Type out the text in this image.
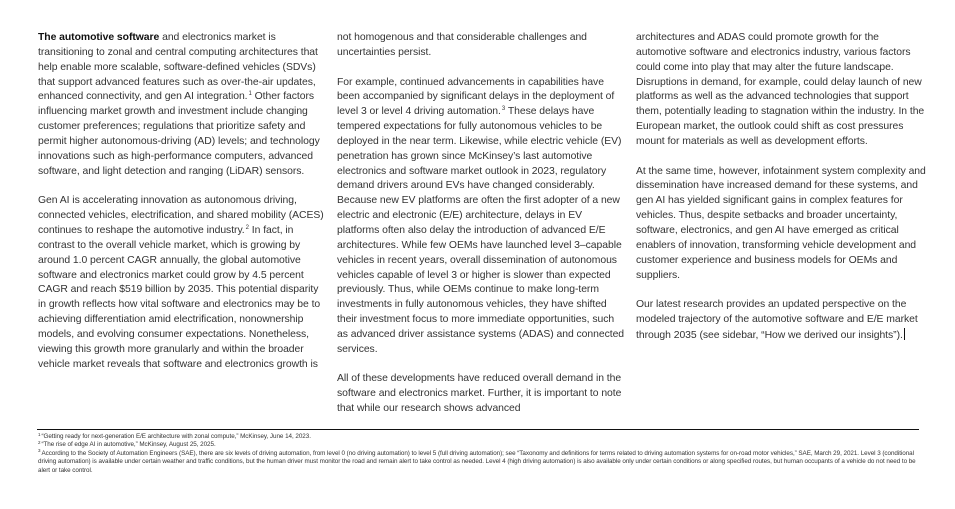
The automotive software and electronics market is transitioning to zonal and central computing architectures that help enable more scalable, software-defined vehicles (SDVs) that support advanced features such as over-the-air updates, enhanced connectivity, and gen AI integration.$^1$ Other factors influencing market growth and investment include changing customer preferences; regulations that prioritize safety and permit higher autonomous-driving (AD) levels; and technology innovations such as high-performance computers, advanced software, and light detection and ranging (LiDAR) sensors.

Gen AI is accelerating innovation as autonomous driving, connected vehicles, electrification, and shared mobility (ACES) continues to reshape the automotive industry.$^2$ In fact, in contrast to the overall vehicle market, which is growing by around 1.0 percent CAGR annually, the global automotive software and electronics market could grow by 4.5 percent CAGR and reach $519 billion by 2035. This potential disparity in growth reflects how vital software and electronics may be to achieving differentiation amid electrification, nonownership models, and evolving consumer expectations. Nonetheless, viewing this growth more granularly and within the broader vehicle market reveals that software and electronics growth is

not homogenous and that considerable challenges and uncertainties persist.

For example, continued advancements in capabilities have been accompanied by significant delays in the deployment of level 3 or level 4 driving automation.$^3$ These delays have tempered expectations for fully autonomous vehicles to be deployed in the near term. Likewise, while electric vehicle (EV) penetration has grown since McKinsey’s last automotive electronics and software market outlook in 2023, regulatory demand drivers around EVs have changed considerably. Because new EV platforms are often the first adopter of a new electric and electronic (E/E) architecture, delays in EV platforms often also delay the introduction of advanced E/E architectures. While few OEMs have launched level 3–capable vehicles in recent years, overall dissemination of autonomous vehicles capable of level 3 or higher is slower than expected previously. Thus, while OEMs continue to make long-term investments in fully autonomous vehicles, they have shifted their investment focus to more immediate opportunities, such as advanced driver assistance systems (ADAS) and connected services.

All of these developments have reduced overall demand in the software and electronics market. Further, it is important to note that while our research shows advanced

architectures and ADAS could promote growth for the automotive software and electronics industry, various factors could come into play that may alter the future landscape. Disruptions in demand, for example, could delay launch of new platforms as well as the advanced technologies that support them, potentially leading to stagnation within the industry. In the European market, the outlook could shift as cost pressures mount for materials as well as development efforts.

At the same time, however, infotainment system complexity and dissemination have increased demand for these systems, and gen AI has yielded significant gains in complex features for vehicles. Thus, despite setbacks and broader uncertainty, software, electronics, and gen AI have emerged as critical enablers of innovation, transforming vehicle development and customer experience and business models for OEMs and suppliers.

Our latest research provides an updated perspective on the modeled trajectory of the automotive software and E/E market through 2035 (see sidebar, “How we derived our insights”).

$^1$“Getting ready for next-generation E/E architecture with zonal compute,” McKinsey, June 14, 2023.

$^2$“The rise of edge AI in automotive,” McKinsey, August 25, 2025.

$^3$According to the Society of Automation Engineers (SAE), there are six levels of driving automation, from level 0 (no driving automation) to level 5 (full driving automation); see “Taxonomy and definitions for terms related to driving automation systems for on-road motor vehicles,” SAE, March 29, 2021. Level 3 (conditional driving automation) is available under certain weather and traffic conditions, but the human driver must monitor the road and remain alert to take control as needed. Level 4 (high driving automation) is also available only under certain conditions or along specified routes, but human occupants of a vehicle do not need to be alert or take control.
